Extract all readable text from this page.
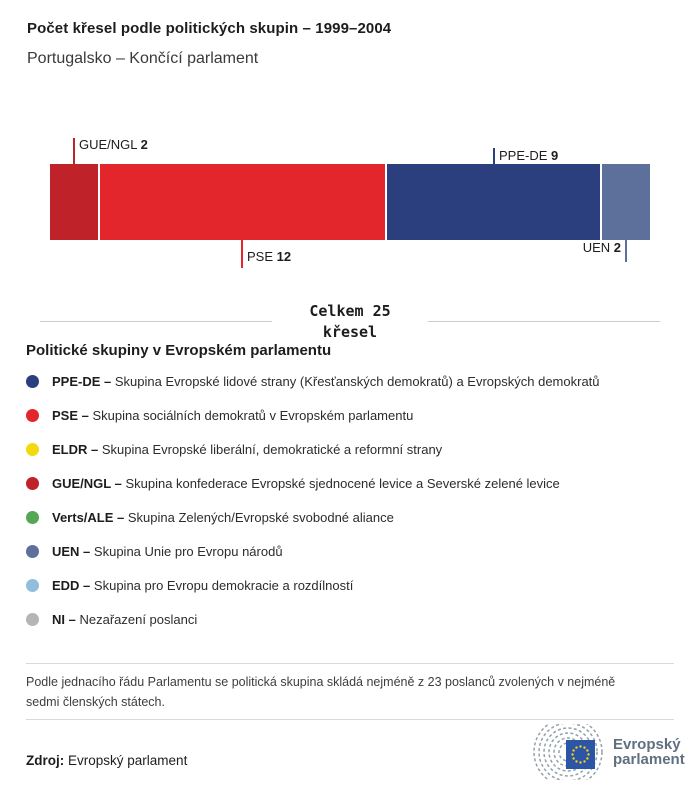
Počet křesel podle politických skupin – 1999–2004
Portugalsko – Končící parlament
Celkem 25
křesel
Politické skupiny v Evropském parlamentu
PPE-DE – Skupina Evropské lidové strany (Křesťanských demokratů) a Evropských demokratů
PSE – Skupina sociálních demokratů v Evropském parlamentu
ELDR – Skupina Evropské liberální, demokratické a reformní strany
GUE/NGL – Skupina konfederace Evropské sjednocené levice a Severské zelené levice
Verts/ALE – Skupina Zelených/Evropské svobodné aliance
UEN – Skupina Unie pro Evropu národů
EDD – Skupina pro Evropu demokracie a rozdílností
NI – Nezařazení poslanci
Podle jednacího řádu Parlamentu se politická skupina skládá nejméně z 23 poslanců zvolených v nejméně sedmi členských státech.
Zdroj: Evropský parlament
Evropský
parlament
GUE/NGL 2
PSE 12
PPE-DE 9
UEN 2
